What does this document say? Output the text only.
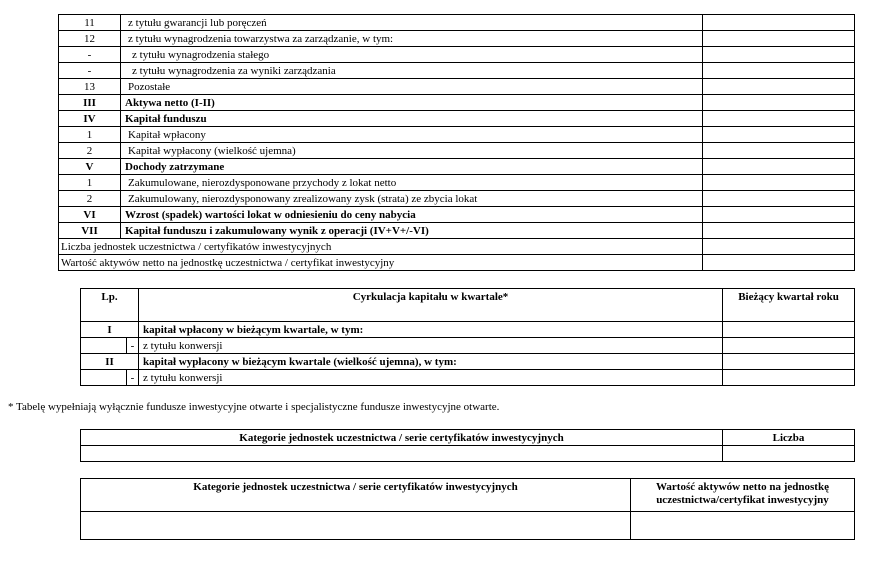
11	z tytułu gwarancji lub poręczeń	
12	z tytułu wynagrodzenia towarzystwa za zarządzanie, w tym:	
-	z tytułu wynagrodzenia stałego	
-	z tytułu wynagrodzenia za wyniki zarządzania	
13	Pozostałe	
III	Aktywa netto (I-II)	
IV	Kapitał funduszu	
1	Kapitał wpłacony	
2	Kapitał wypłacony (wielkość ujemna)	
V	Dochody zatrzymane	
1	Zakumulowane, nierozdysponowane przychody z lokat netto	
2	Zakumulowany, nierozdysponowany zrealizowany zysk (strata) ze zbycia lokat	
VI	Wzrost (spadek) wartości lokat w odniesieniu do ceny nabycia	
VII	Kapitał funduszu i zakumulowany wynik z operacji (IV+V+/-VI)	
Liczba jednostek uczestnictwa / certyfikatów inwestycyjnych		
Wartość aktywów netto na jednostkę uczestnictwa / certyfikat inwestycyjny		
Lp.		Cyrkulacja kapitału w kwartale*	Bieżący kwartał roku
I		kapitał wpłacony w bieżącym kwartale, w tym:	
	-	z tytułu konwersji	
II		kapitał wypłacony w bieżącym kwartale (wielkość ujemna), w tym:	
	-	z tytułu konwersji	
* Tabelę wypełniają wyłącznie fundusze inwestycyjne otwarte i specjalistyczne fundusze inwestycyjne otwarte.
Kategorie jednostek uczestnictwa / serie certyfikatów inwestycyjnych	Liczba

Kategorie jednostek uczestnictwa / serie certyfikatów inwestycyjnych	Wartość aktywów netto na jednostkę uczestnictwa/certyfikat inwestycyjny
